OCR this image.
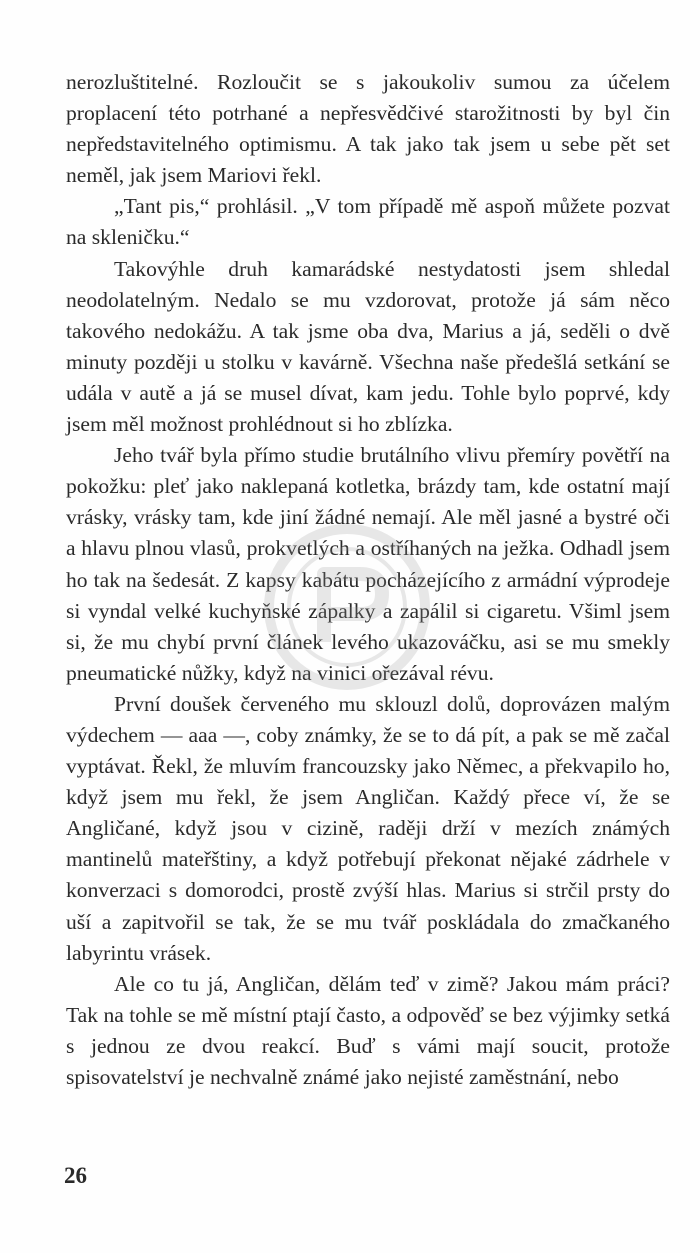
nerozluštitelné. Rozloučit se s jakoukoliv sumou za účelem proplacení této potrhané a nepřesvědčivé starožitnosti by byl čin nepředstavitelného optimismu. A tak jako tak jsem u sebe pět set neměl, jak jsem Mariovi řekl.

„Tant pis,“ prohlásil. „V tom případě mě aspoň můžete pozvat na skleničku.“

Takovýhle druh kamarádské nestydatosti jsem shledal neodolatelným. Nedalo se mu vzdorovat, protože já sám něco takového nedokážu. A tak jsme oba dva, Marius a já, seděli o dvě minuty později u stolku v kavárně. Všechna naše předešlá setkání se udála v autě a já se musel dívat, kam jedu. Tohle bylo poprvé, kdy jsem měl možnost prohlédnout si ho zblízka.

Jeho tvář byla přímo studie brutálního vlivu přemíry povětří na pokožku: pleť jako naklepaná kotletka, brázdy tam, kde ostatní mají vrásky, vrásky tam, kde jiní žádné nemají. Ale měl jasné a bystré oči a hlavu plnou vlasů, prokvetlých a ostříhaných na ježka. Odhadl jsem ho tak na šedesát. Z kapsy kabátu pocházejícího z armádní výprodeje si vyndal velké kuchyňské zápalky a zapálil si cigaretu. Všiml jsem si, že mu chybí první článek levého ukazováčku, asi se mu smekly pneumatické nůžky, když na vinici ořezával révu.

První doušek červeného mu sklouzl dolů, doprovázen malým výdechem — aaa —, coby známky, že se to dá pít, a pak se mě začal vyptávat. Řekl, že mluvím francouzsky jako Němec, a překvapilo ho, když jsem mu řekl, že jsem Angličan. Každý přece ví, že se Angličané, když jsou v cizině, raději drží v mezích známých mantinelů mateřštiny, a když potřebují překonat nějaké zádrhele v konverzaci s domorodci, prostě zvýší hlas. Marius si strčil prsty do uší a zapitvořil se tak, že se mu tvář poskládala do zmačkaného labyrintu vrásek.

Ale co tu já, Angličan, dělám teď v zimě? Jakou mám práci? Tak na tohle se mě místní ptají často, a odpověď se bez výjimky setká s jednou ze dvou reakcí. Buď s vámi mají soucit, protože spisovatelství je nechvalně známé jako nejisté zaměstnání, nebo

26
